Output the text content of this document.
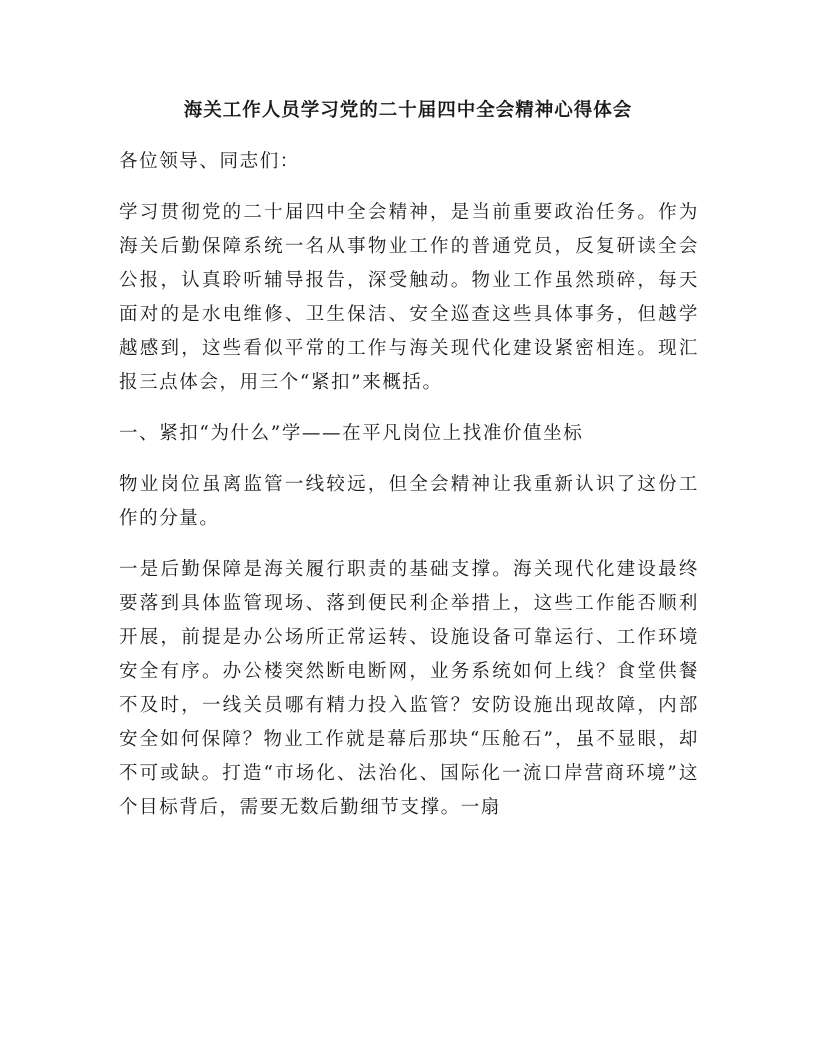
海关工作人员学习党的二十届四中全会精神心得体会

各位领导、同志们：

学习贯彻党的二十届四中全会精神，是当前重要政治任务。作为海关后勤保障系统一名从事物业工作的普通党员，反复研读全会公报，认真聆听辅导报告，深受触动。物业工作虽然琐碎，每天面对的是水电维修、卫生保洁、安全巡查这些具体事务，但越学越感到，这些看似平常的工作与海关现代化建设紧密相连。现汇报三点体会，用三个“紧扣”来概括。

一、紧扣“为什么”学——在平凡岗位上找准价值坐标

物业岗位虽离监管一线较远，但全会精神让我重新认识了这份工作的分量。

一是后勤保障是海关履行职责的基础支撑。海关现代化建设最终要落到具体监管现场、落到便民利企举措上，这些工作能否顺利开展，前提是办公场所正常运转、设施设备可靠运行、工作环境安全有序。办公楼突然断电断网，业务系统如何上线？食堂供餐不及时，一线关员哪有精力投入监管？安防设施出现故障，内部安全如何保障？物业工作就是幕后那块“压舱石”，虽不显眼，却不可或缺。打造“市场化、法治化、国际化一流口岸营商环境”这个目标背后，需要无数后勤细节支撑。一扇
